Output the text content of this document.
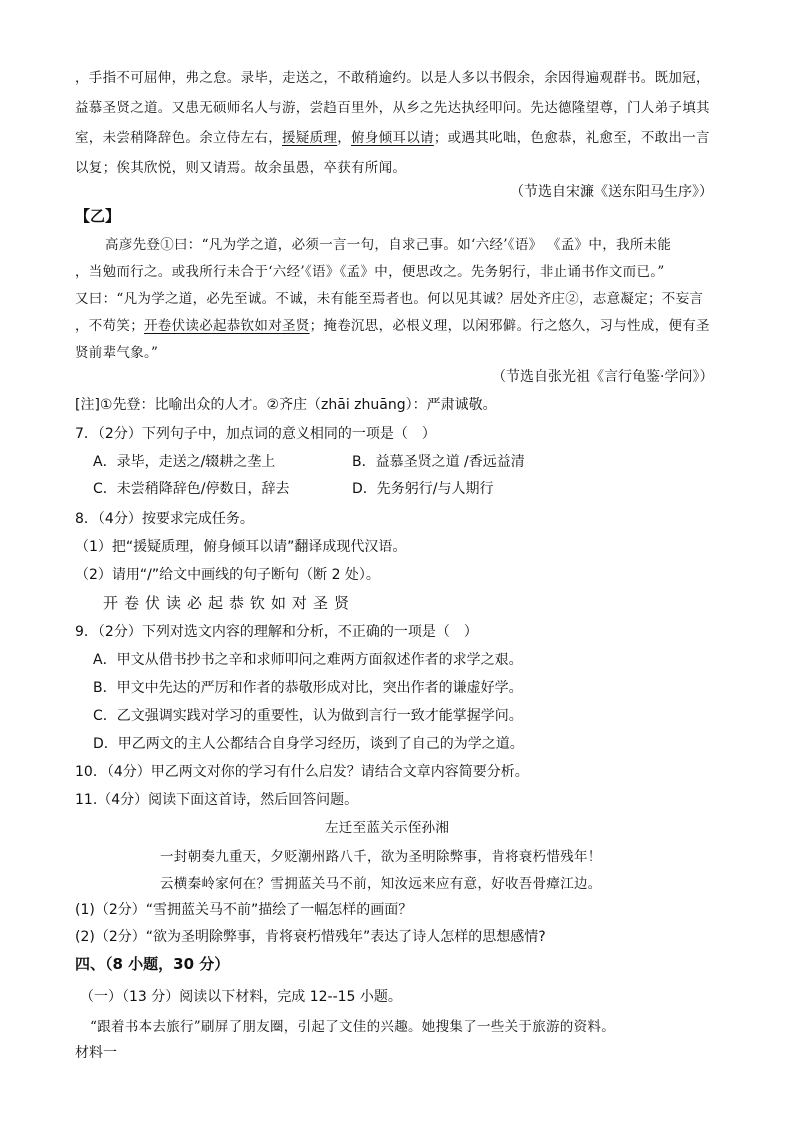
，手指不可屈伸，弗之怠。录毕，走送之，不敢稍逾约。以是人多以书假余，余因得遍观群书。既加冠，
益慕圣贤之道。又患无硕师名人与游，尝趋百里外，从乡之先达执经叩问。先达德隆望尊，门人弟子填其
室，未尝稍降辞色。余立侍左右，援疑质理，俯身倾耳以请；或遇其叱咄，色愈恭，礼愈至，不敢出一言
以复；俟其欣悦，则又请焉。故余虽愚，卒获有所闻。
（节选自宋濂《送东阳马生序》）
【乙】
高彦先登①曰：“凡为学之道，必须一言一句，自求己事。如‘六经’《语》 《孟》中，我所未能
，当勉而行之。或我所行未合于‘六经’《语》《孟》中，便思改之。先务躬行，非止诵书作文而已。”
又曰：“凡为学之道，必先至诚。不诚，未有能至焉者也。何以见其诚？居处齐庄②，志意凝定；不妄言
，不苟笑；开卷伏读必起恭钦如对圣贤；掩卷沉思，必根义理，以闲邪僻。行之悠久，习与性成，便有圣
贤前辈气象。”
（节选自张光祖《言行龟鉴·学问》）
[注]①先登：比喻出众的人才。②齐庄（zhāi zhuāng）：严肃诚敬。
7．（2分）下列句子中，加点词的意义相同的一项是（　）
A．录毕，走送之/辍耕之垄上	B．益慕圣贤之道 /香远益清
C．未尝稍降辞色/停数日，辞去	D．先务躬行/与人期行
8．（4分）按要求完成任务。
（1）把“援疑质理，俯身倾耳以请”翻译成现代汉语。
（2）请用“/”给文中画线的句子断句（断 2 处）。
开卷伏读必起恭钦如对圣贤
9．（2分）下列对选文内容的理解和分析，不正确的一项是（　）
A．甲文从借书抄书之辛和求师叩问之难两方面叙述作者的求学之艰。
B．甲文中先达的严厉和作者的恭敬形成对比，突出作者的谦虚好学。
C．乙文强调实践对学习的重要性，认为做到言行一致才能掌握学问。
D．甲乙两文的主人公都结合自身学习经历，谈到了自己的为学之道。
10．（4分）甲乙两文对你的学习有什么启发？请结合文章内容简要分析。
11.（4分）阅读下面这首诗，然后回答问题。
左迁至蓝关示侄孙湘
一封朝奏九重天，夕贬潮州路八千，欲为圣明除弊事，肯将衰朽惜残年！
云横秦岭家何在？雪拥蓝关马不前，知汝远来应有意，好收吾骨瘴江边。
(1)（2分）“雪拥蓝关马不前”描绘了一幅怎样的画面？
(2)（2分）“欲为圣明除弊事，肯将衰朽惜残年”表达了诗人怎样的思想感情?
四、（8 小题，30 分）
（一）（13 分）阅读以下材料，完成 12--15 小题。
“跟着书本去旅行”刷屏了朋友圈，引起了文佳的兴趣。她搜集了一些关于旅游的资料。
材料一
